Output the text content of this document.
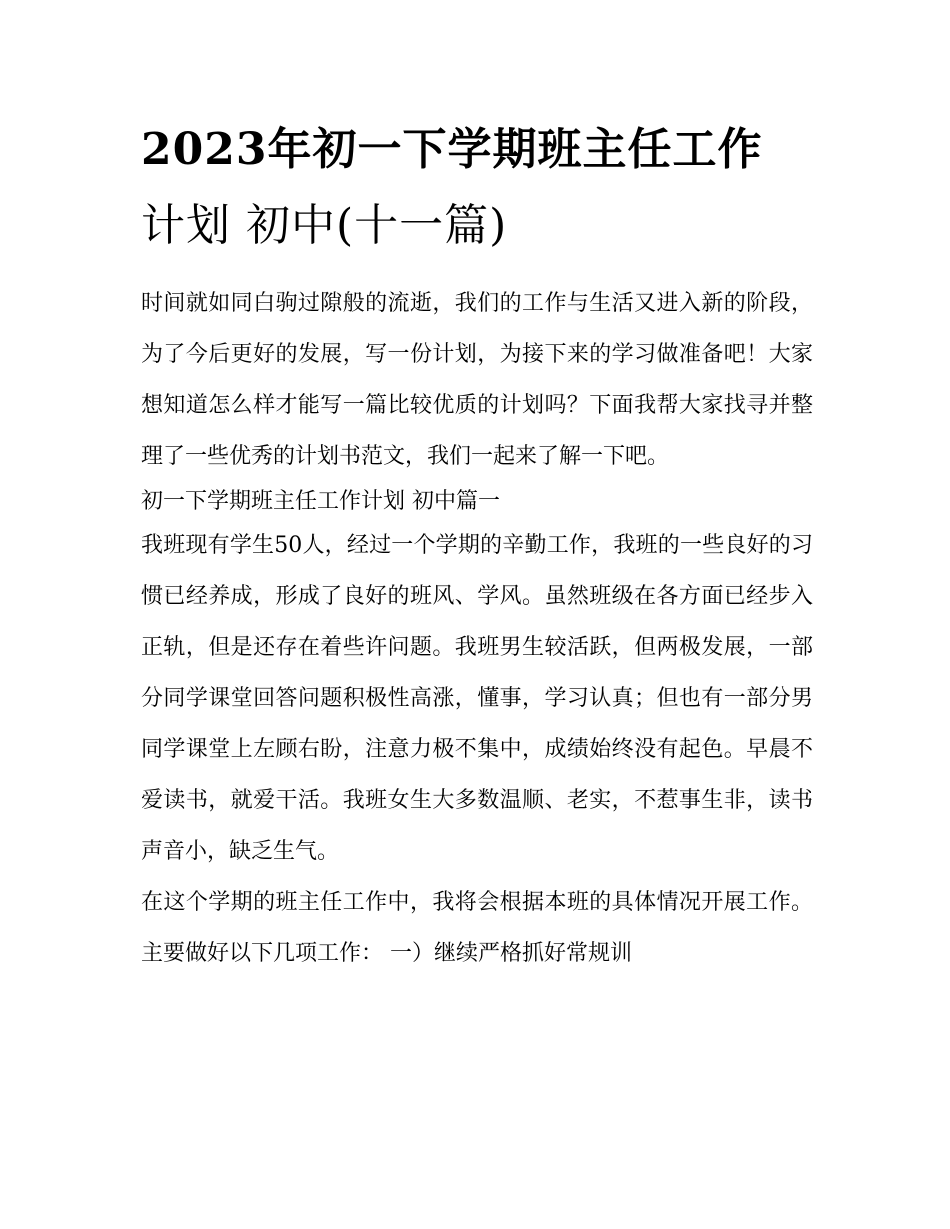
2023年初一下学期班主任工作
计划 初中(十一篇)

时间就如同白驹过隙般的流逝，我们的工作与生活又进入新的阶段，为了今后更好的发展，写一份计划，为接下来的学习做准备吧！大家想知道怎么样才能写一篇比较优质的计划吗？下面我帮大家找寻并整理了一些优秀的计划书范文，我们一起来了解一下吧。

初一下学期班主任工作计划 初中篇一

我班现有学生50人，经过一个学期的辛勤工作，我班的一些良好的习惯已经养成，形成了良好的班风、学风。虽然班级在各方面已经步入正轨，但是还存在着些许问题。我班男生较活跃，但两极发展，一部分同学课堂回答问题积极性高涨，懂事，学习认真；但也有一部分男同学课堂上左顾右盼，注意力极不集中，成绩始终没有起色。早晨不爱读书，就爱干活。我班女生大多数温顺、老实，不惹事生非，读书声音小，缺乏生气。

在这个学期的班主任工作中，我将会根据本班的具体情况开展工作。主要做好以下几项工作： 一）继续严格抓好常规训
